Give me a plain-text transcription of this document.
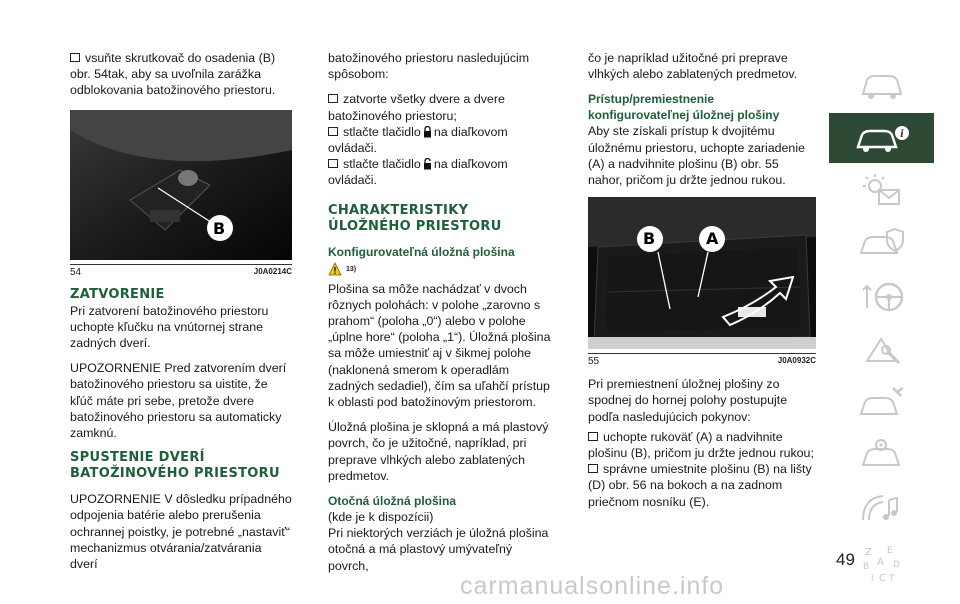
vsuňte skrutkovač do osadenia (B) obr. 54tak, aby sa uvoľnila zarážka odblokovania batožinového priestoru.

B
54	J0A0214C
ZATVORENIE

Pri zatvorení batožinového priestoru uchopte kľučku na vnútornej strane zadných dverí.

UPOZORNENIE Pred zatvorením dverí batožinového priestoru sa uistite, že kľúč máte pri sebe, pretože dvere batožinového priestoru sa automaticky zamknú.

SPUSTENIE DVERÍ BATOŽINOVÉHO PRIESTORU

UPOZORNENIE V dôsledku prípadného odpojenia batérie alebo prerušenia ochrannej poistky, je potrebné „nastaviť“ mechanizmus otvárania/zatvárania dverí

batožinového priestoru nasledujúcim spôsobom:

zatvorte všetky dvere a dvere batožinového priestoru;

stlačte tlačidlo na diaľkovom ovládači.

stlačte tlačidlo na diaľkovom ovládači.

CHARAKTERISTIKY ÚLOŽNÉHO PRIESTORU
Konfigurovateľná úložná plošina
$^{13)}$

Plošina sa môže nachádzať v dvoch rôznych polohách: v polohe „zarovno s prahom“ (poloha „0“) alebo v polohe „úplne hore“ (poloha „1“). Úložná plošina sa môže umiestniť aj v šikmej polohe (naklonená smerom k operadlám zadných sedadiel), čím sa uľahčí prístup k oblasti pod batožinovým priestorom.

Úložná plošina je sklopná a má plastový povrch, čo je užitočné, napríklad, pri preprave vlhkých alebo zablatených predmetov.

Otočná úložná plošina

(kde je k dispozícii)

Pri niektorých verziách je úložná plošina otočná a má plastový umývateľný povrch,

čo je napríklad užitočné pri preprave vlhkých alebo zablatených predmetov.

Prístup/premiestnenie konfigurovateľnej úložnej plošiny

Aby ste získali prístup k dvojitému úložnému priestoru, uchopte zariadenie (A) a nadvihnite plošinu (B) obr. 55 nahor, pričom ju držte jednou rukou.

B	A
55	J0A0932C

Pri premiestnení úložnej plošiny zo spodnej do hornej polohy postupujte podľa nasledujúcich pokynov:

uchopte rukoväť (A) a nadvihnite plošinu (B), pričom ju držte jednou rukou;

správne umiestnite plošinu (B) na lišty (D) obr. 56 na bokoch a na zadnom priečnom nosníku (E).

i
Z E
B A D
I C T
49
carmanualsonline.info
